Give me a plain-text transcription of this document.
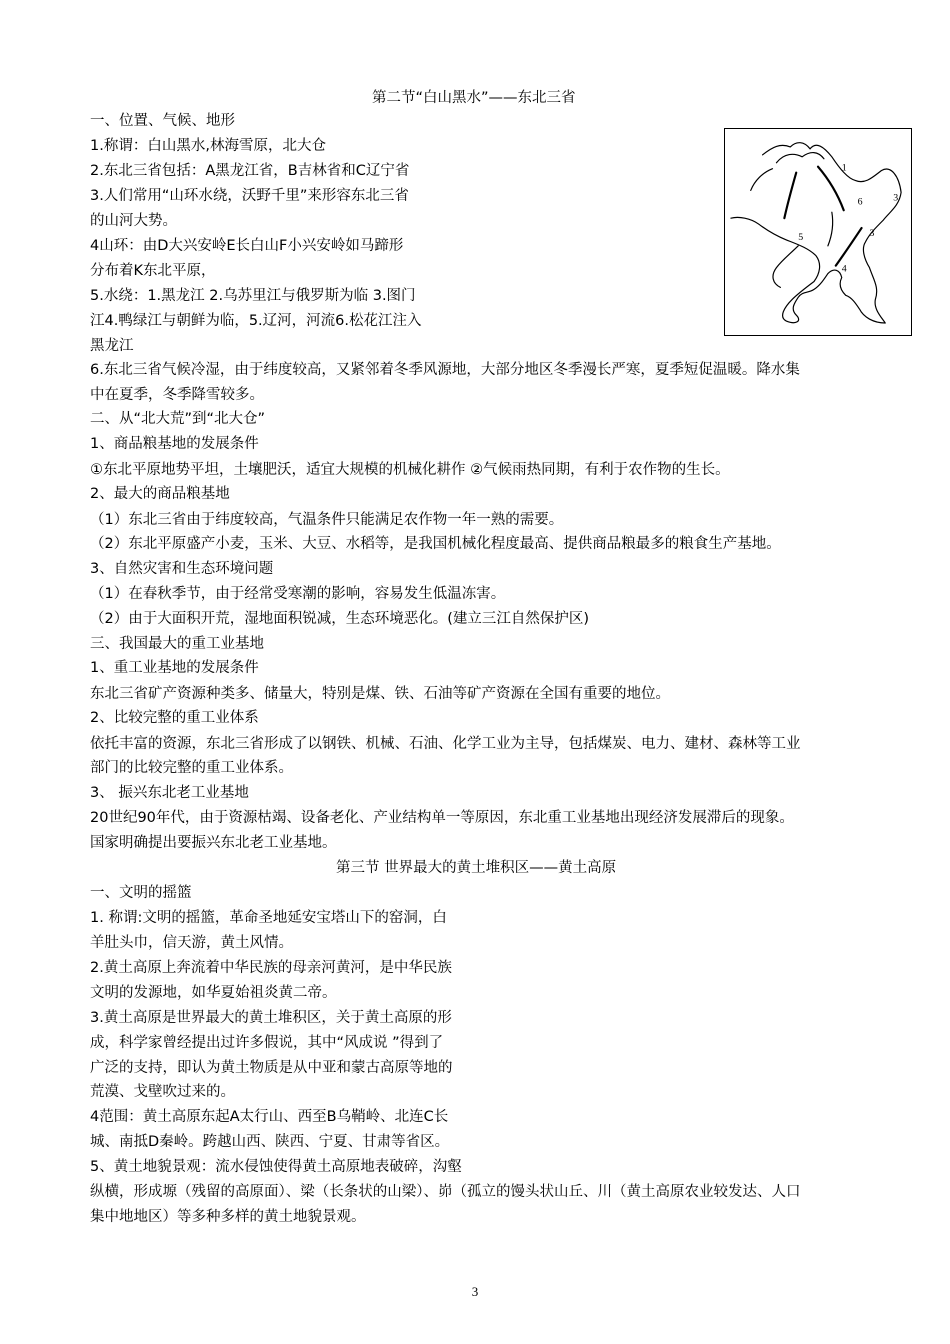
第二节“白山黑水”——东北三省

一、位置、气候、地形

1.称谓：白山黑水,林海雪原，北大仓

2.东北三省包括：A黑龙江省，B吉林省和C辽宁省

3.人们常用“山环水绕，沃野千里”来形容东北三省

的山河大势。

4山环：由D大兴安岭E长白山F小兴安岭如马蹄形

分布着K东北平原，

5.水绕：1.黑龙江 2.乌苏里江与俄罗斯为临 3.图门

江4.鸭绿江与朝鲜为临，5.辽河，河流6.松花江注入

黑龙江

6.东北三省气候冷湿，由于纬度较高，又紧邻着冬季风源地，大部分地区冬季漫长严寒，夏季短促温暖。降水集

中在夏季，冬季降雪较多。

二、从“北大荒”到“北大仓”

1、商品粮基地的发展条件

①东北平原地势平坦，土壤肥沃，适宜大规模的机械化耕作 ②气候雨热同期，有利于农作物的生长。

2、最大的商品粮基地

（1）东北三省由于纬度较高，气温条件只能满足农作物一年一熟的需要。

（2）东北平原盛产小麦，玉米、大豆、水稻等，是我国机械化程度最高、提供商品粮最多的粮食生产基地。

3、自然灾害和生态环境问题

（1）在春秋季节，由于经常受寒潮的影响，容易发生低温冻害。

（2）由于大面积开荒，湿地面积锐减，生态环境恶化。(建立三江自然保护区)

三、我国最大的重工业基地

1、重工业基地的发展条件

东北三省矿产资源种类多、储量大，特别是煤、铁、石油等矿产资源在全国有重要的地位。

2、比较完整的重工业体系

依托丰富的资源，东北三省形成了以钢铁、机械、石油、化学工业为主导，包括煤炭、电力、建材、森林等工业

部门的比较完整的重工业体系。

3、 振兴东北老工业基地

20世纪90年代，由于资源枯竭、设备老化、产业结构单一等原因，东北重工业基地出现经济发展滞后的现象。

国家明确提出要振兴东北老工业基地。

1
6	3
5	3
4
第三节 世界最大的黄土堆积区——黄土高原

一、文明的摇篮

1. 称谓:文明的摇篮，革命圣地延安宝塔山下的窑洞，白

羊肚头巾，信天游，黄土风情。

2.黄土高原上奔流着中华民族的母亲河黄河，是中华民族

文明的发源地，如华夏始祖炎黄二帝。

3.黄土高原是世界最大的黄土堆积区，关于黄土高原的形

成，科学家曾经提出过许多假说，其中“风成说 ”得到了

广泛的支持，即认为黄土物质是从中亚和蒙古高原等地的

荒漠、戈壁吹过来的。

4范围：黄土高原东起A太行山、西至B乌鞘岭、北连C长

城、南抵D秦岭。跨越山西、陕西、宁夏、甘肃等省区。

5、黄土地貌景观：流水侵蚀使得黄土高原地表破碎，沟壑

纵横，形成塬（残留的高原面）、梁（长条状的山梁）、峁（孤立的馒头状山丘、川（黄土高原农业较发达、人口

集中地地区）等多种多样的黄土地貌景观。

3
